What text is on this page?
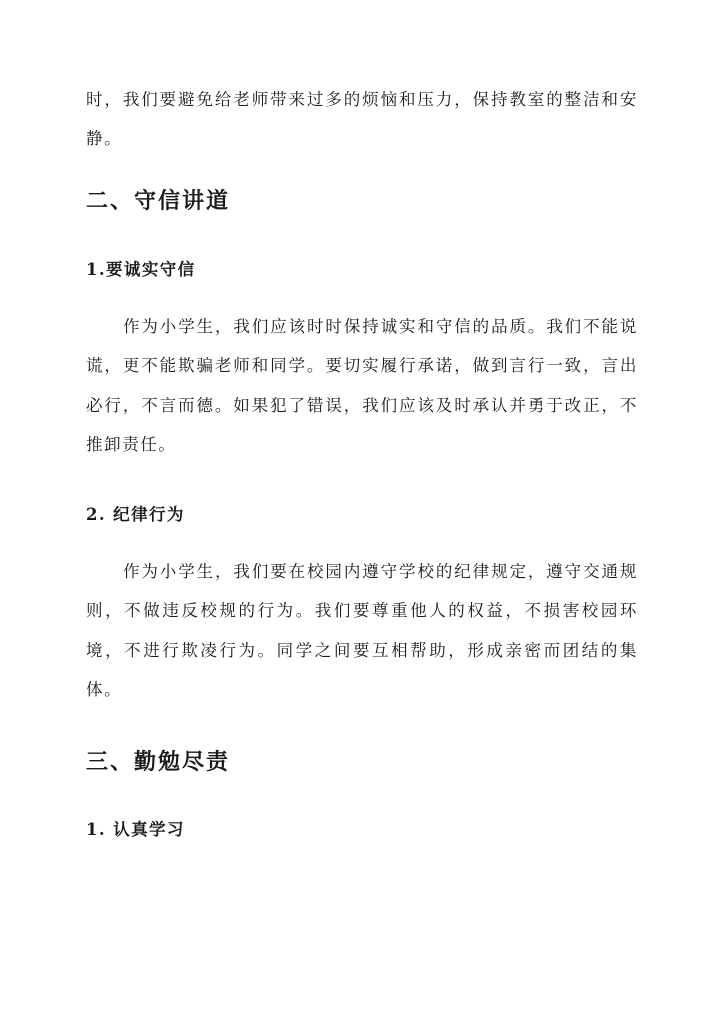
时，我们要避免给老师带来过多的烦恼和压力，保持教室的整洁和安静。

二、守信讲道
1.要诚实守信

作为小学生，我们应该时时保持诚实和守信的品质。我们不能说谎，更不能欺骗老师和同学。要切实履行承诺，做到言行一致，言出必行，不言而德。如果犯了错误，我们应该及时承认并勇于改正，不推卸责任。

2. 纪律行为

作为小学生，我们要在校园内遵守学校的纪律规定，遵守交通规则，不做违反校规的行为。我们要尊重他人的权益，不损害校园环境，不进行欺凌行为。同学之间要互相帮助，形成亲密而团结的集体。

三、勤勉尽责
1. 认真学习
